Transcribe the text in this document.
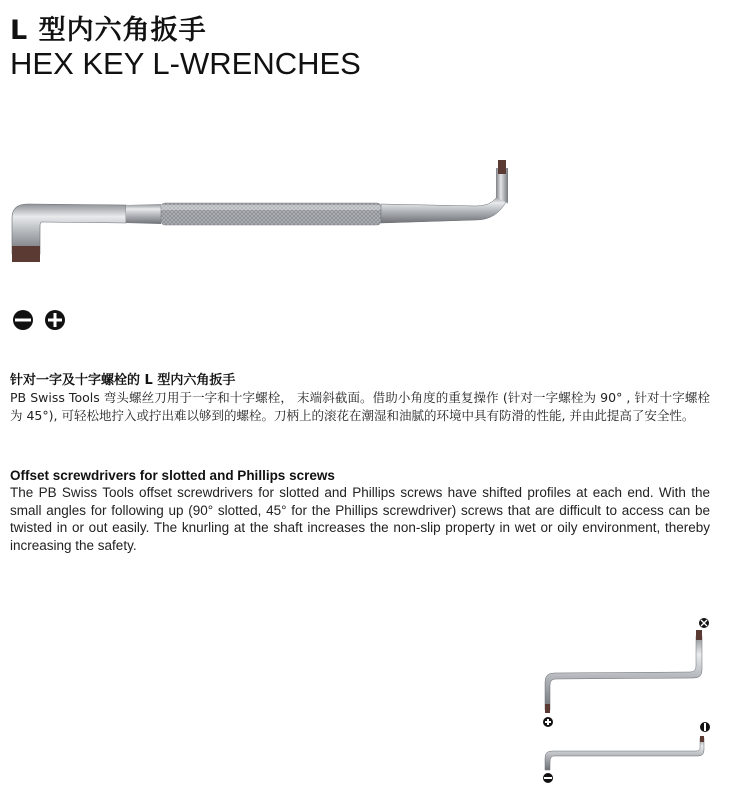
L 型内六角扳手
HEX KEY L-WRENCHES

针对一字及十字螺栓的 L 型内六角扳手

PB Swiss Tools 弯头螺丝刀用于一字和十字螺栓， 末端斜截面。借助小角度的重复操作 (针对一字螺栓为 90° , 针对十字螺栓为 45°), 可轻松地拧入或拧出难以够到的螺栓。刀柄上的滚花在潮湿和油腻的环境中具有防滑的性能, 并由此提高了安全性。

Offset screwdrivers for slotted and Phillips screws

The PB Swiss Tools offset screwdrivers for slotted and Phillips screws have shifted profiles at each end. With the small angles for following up (90° slotted, 45° for the Phillips screwdriver) screws that are difficult to access can be twisted in or out easily. The knurling at the shaft increases the non-slip property in wet or oily environment, thereby increasing the safety.
